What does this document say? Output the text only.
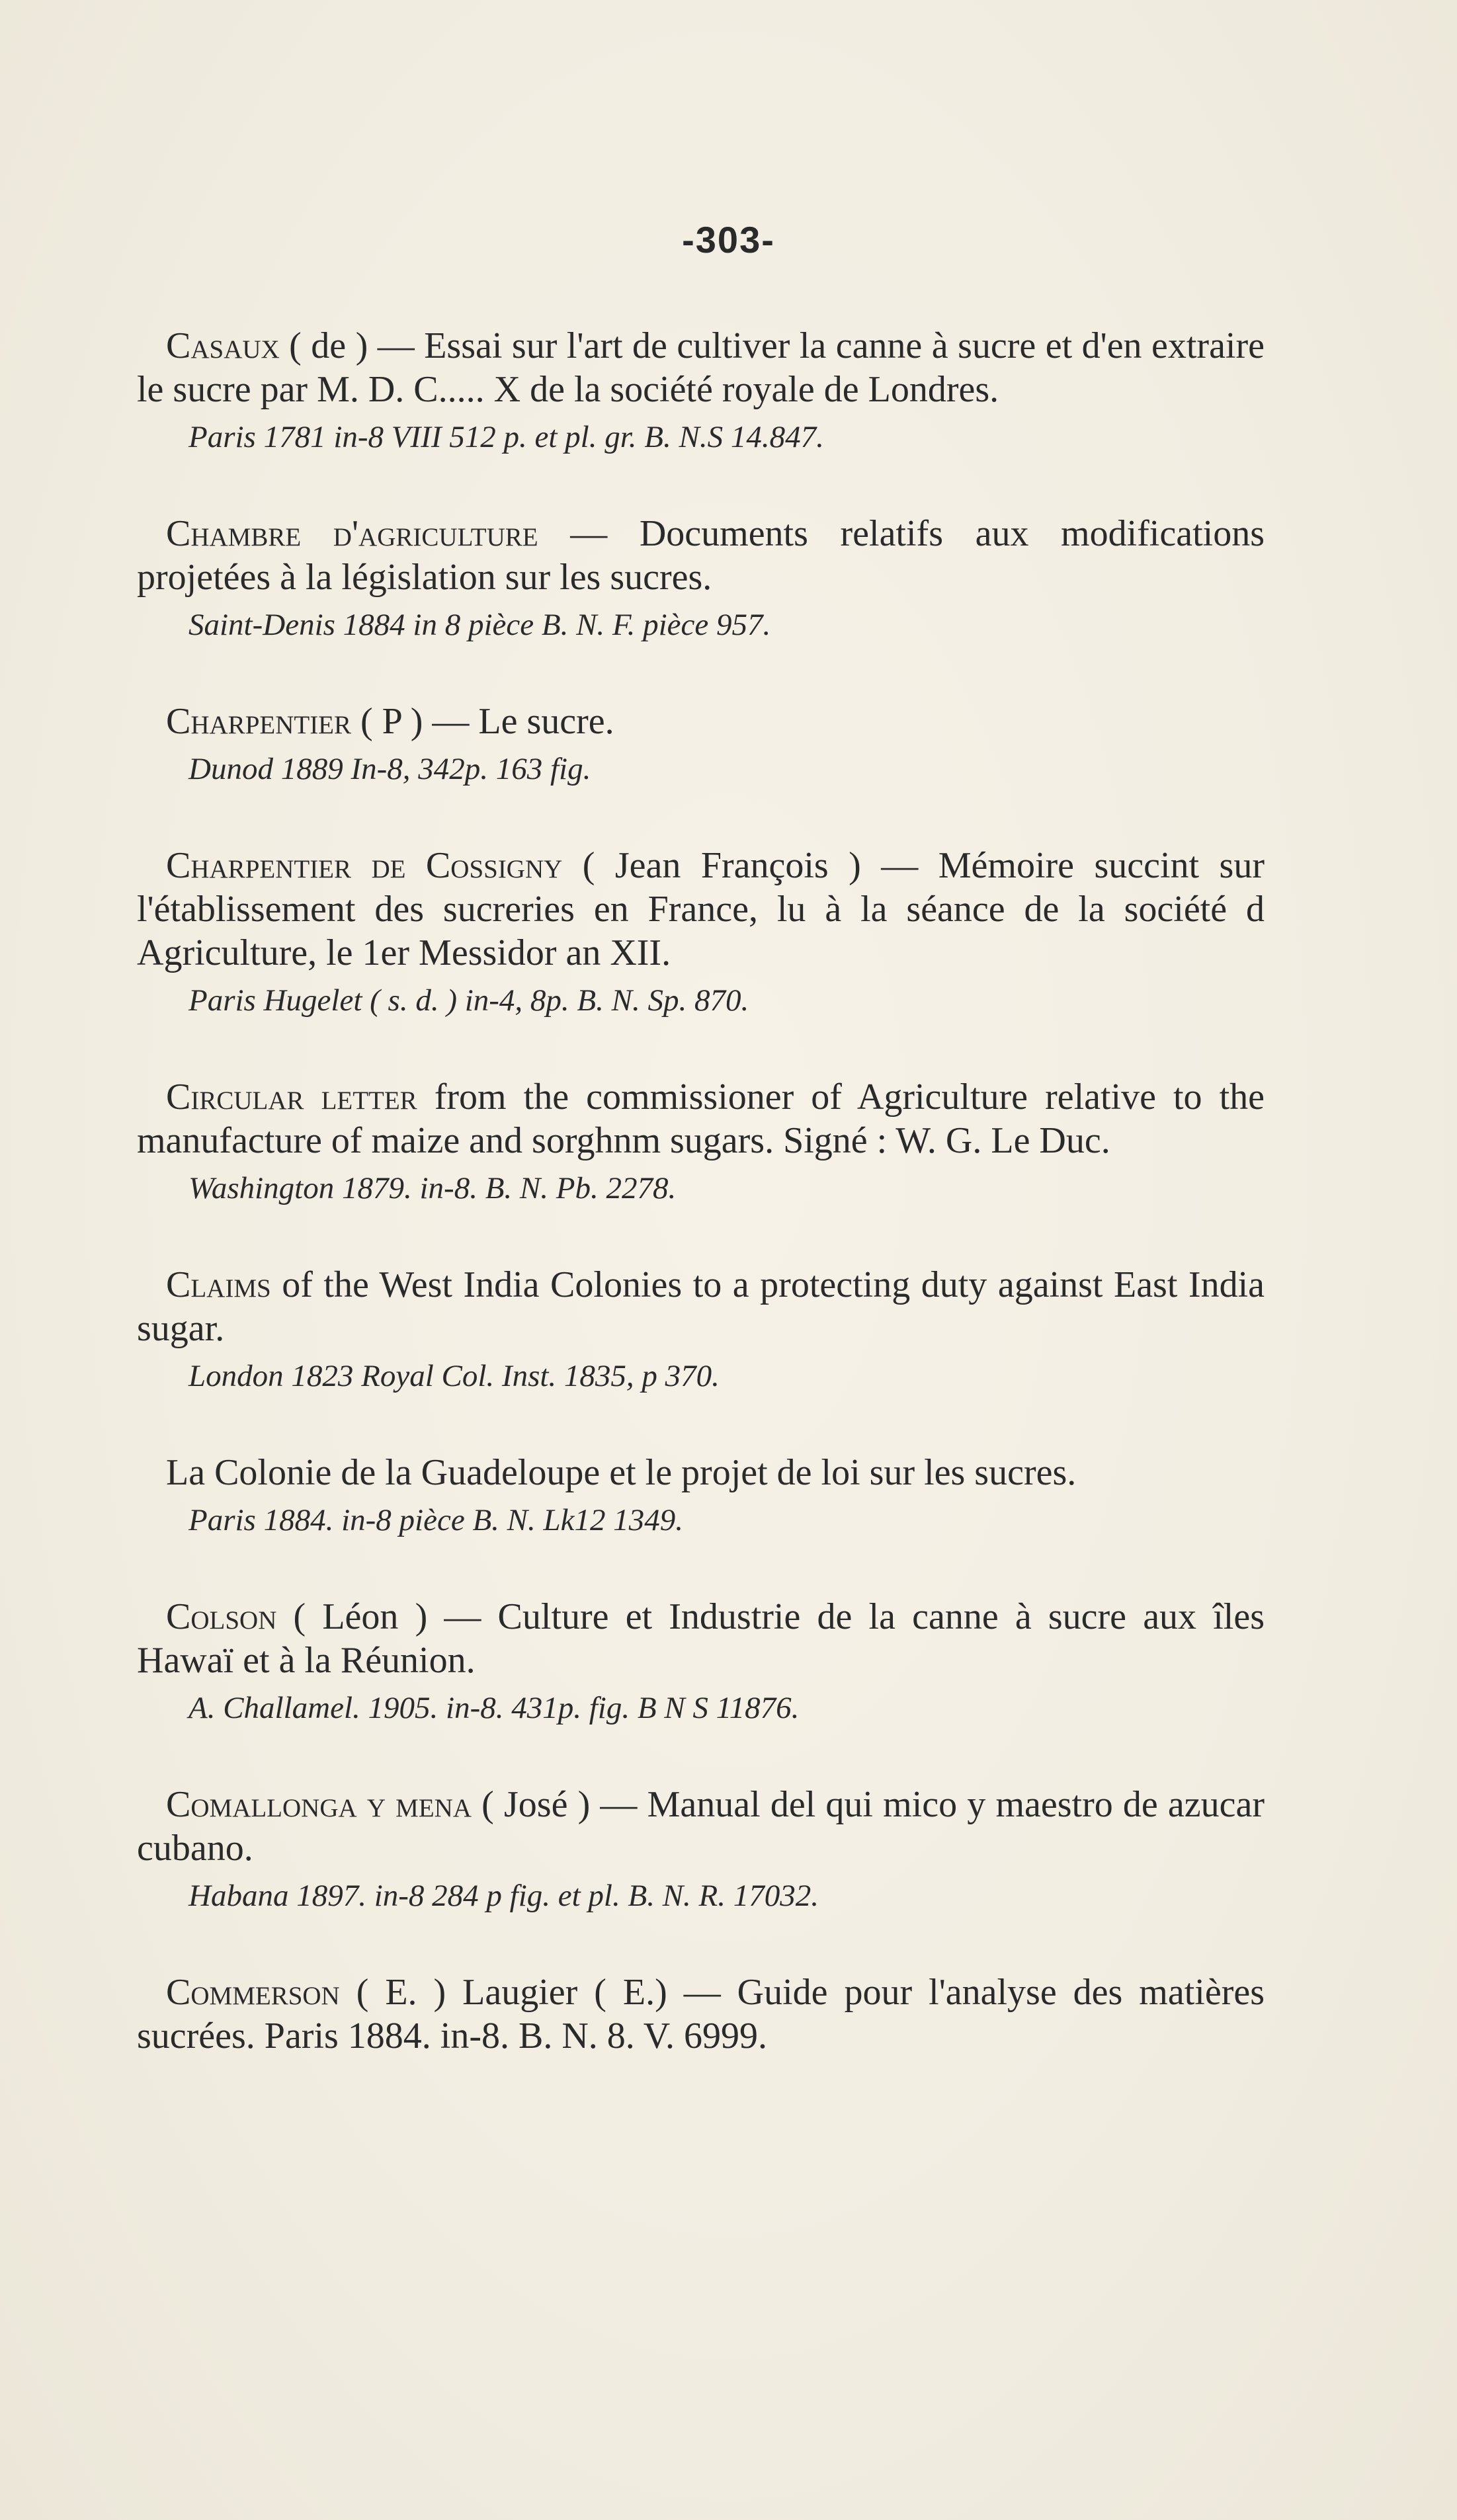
-303-

Casaux ( de ) — Essai sur l'art de cultiver la canne à sucre et d'en extraire le sucre par M. D. C..... X de la société royale de Londres.

Paris 1781 in-8 VIII 512 p. et pl. gr. B. N.S 14.847.

Chambre d'agriculture — Documents relatifs aux modifications projetées à la législation sur les sucres.

Saint-Denis 1884 in 8 pièce B. N. F. pièce 957.

Charpentier ( P ) — Le sucre.

Dunod 1889 In-8, 342p. 163 fig.

Charpentier de Cossigny ( Jean François ) — Mémoire succint sur l'établissement des sucreries en France, lu à la séance de la société d Agriculture, le 1er Messidor an XII.

Paris Hugelet ( s. d. ) in-4, 8p. B. N. Sp. 870.

Circular letter from the commissioner of Agriculture relative to the manufacture of maize and sorghnm sugars. Signé : W. G. Le Duc.

Washington 1879. in-8. B. N. Pb. 2278.

Claims of the West India Colonies to a protecting duty against East India sugar.

London 1823 Royal Col. Inst. 1835, p 370.

La Colonie de la Guadeloupe et le projet de loi sur les sucres.

Paris 1884. in-8 pièce B. N. Lk12 1349.

Colson ( Léon ) — Culture et Industrie de la canne à sucre aux îles Hawaï et à la Réunion.

A. Challamel. 1905. in-8. 431p. fig. B N S 11876.

Comallonga y mena ( José ) — Manual del qui mico y maestro de azucar cubano.

Habana 1897. in-8 284 p fig. et pl. B. N. R. 17032.

Commerson ( E. ) Laugier ( E.) — Guide pour l'analyse des matières sucrées. Paris 1884. in-8. B. N. 8. V. 6999.
